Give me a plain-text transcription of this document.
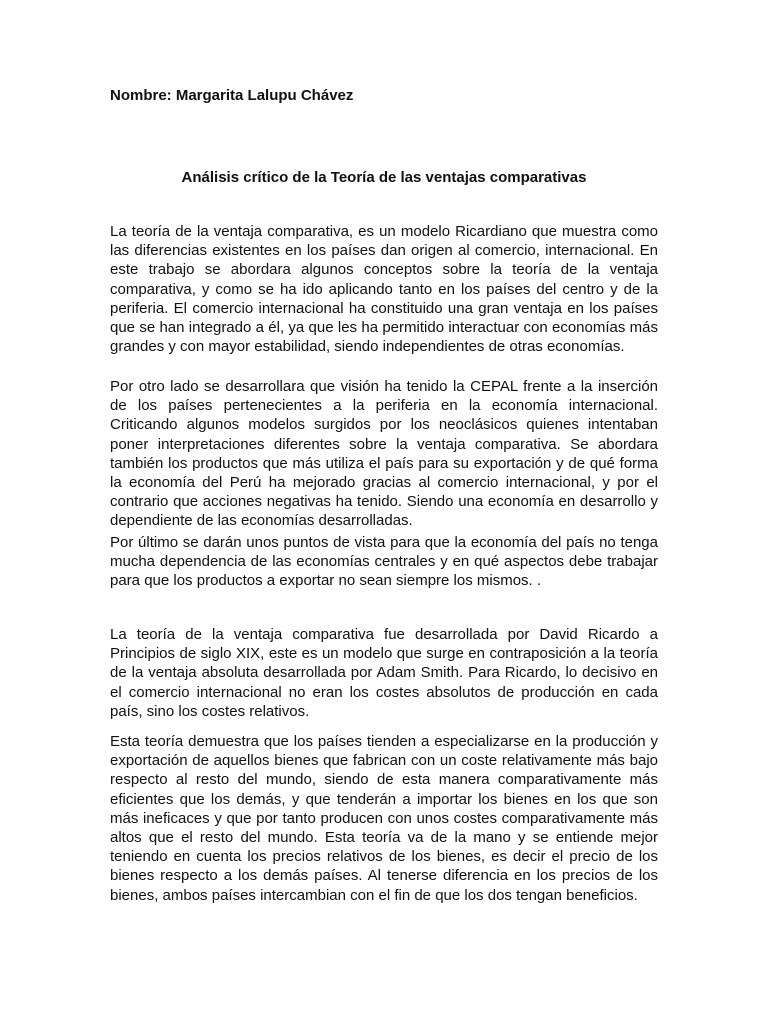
Nombre: Margarita Lalupu Chávez
Análisis crítico de la Teoría de las ventajas comparativas

La teoría de la ventaja comparativa, es un modelo Ricardiano que muestra como las diferencias existentes en los países dan origen al comercio, internacional. En este trabajo se abordara algunos conceptos sobre la teoría de la ventaja comparativa, y como se ha ido aplicando tanto en los países del centro y de la periferia. El comercio internacional ha constituido una gran ventaja en los países que se han integrado a él, ya que les ha permitido interactuar con economías más grandes y con mayor estabilidad, siendo independientes de otras economías.

Por otro lado se desarrollara que visión ha tenido la CEPAL frente a la inserción de los países pertenecientes a la periferia en la economía internacional. Criticando algunos modelos surgidos por los neoclásicos quienes intentaban poner interpretaciones diferentes sobre la ventaja comparativa. Se abordara también los productos que más utiliza el país para su exportación y de qué forma la economía del Perú ha mejorado gracias al comercio internacional, y por el contrario que acciones negativas ha tenido. Siendo una economía en desarrollo y dependiente de las economías desarrolladas.

Por último se darán unos puntos de vista para que la economía del país no tenga mucha dependencia de las economías centrales y en qué aspectos debe trabajar para que los productos a exportar no sean siempre los mismos. .

La teoría de la ventaja comparativa fue desarrollada por David Ricardo a Principios de siglo XIX, este es un modelo que surge en contraposición a la teoría de la ventaja absoluta desarrollada por Adam Smith. Para Ricardo, lo decisivo en el comercio internacional no eran los costes absolutos de producción en cada país, sino los costes relativos.

Esta teoría demuestra que los países tienden a especializarse en la producción y exportación de aquellos bienes que fabrican con un coste relativamente más bajo respecto al resto del mundo, siendo de esta manera comparativamente más eficientes que los demás, y que tenderán a importar los bienes en los que son más ineficaces y que por tanto producen con unos costes comparativamente más altos que el resto del mundo. Esta teoría va de la mano y se entiende mejor teniendo en cuenta los precios relativos de los bienes, es decir el precio de los bienes respecto a los demás países. Al tenerse diferencia en los precios de los bienes, ambos países intercambian con el fin de que los dos tengan beneficios.
